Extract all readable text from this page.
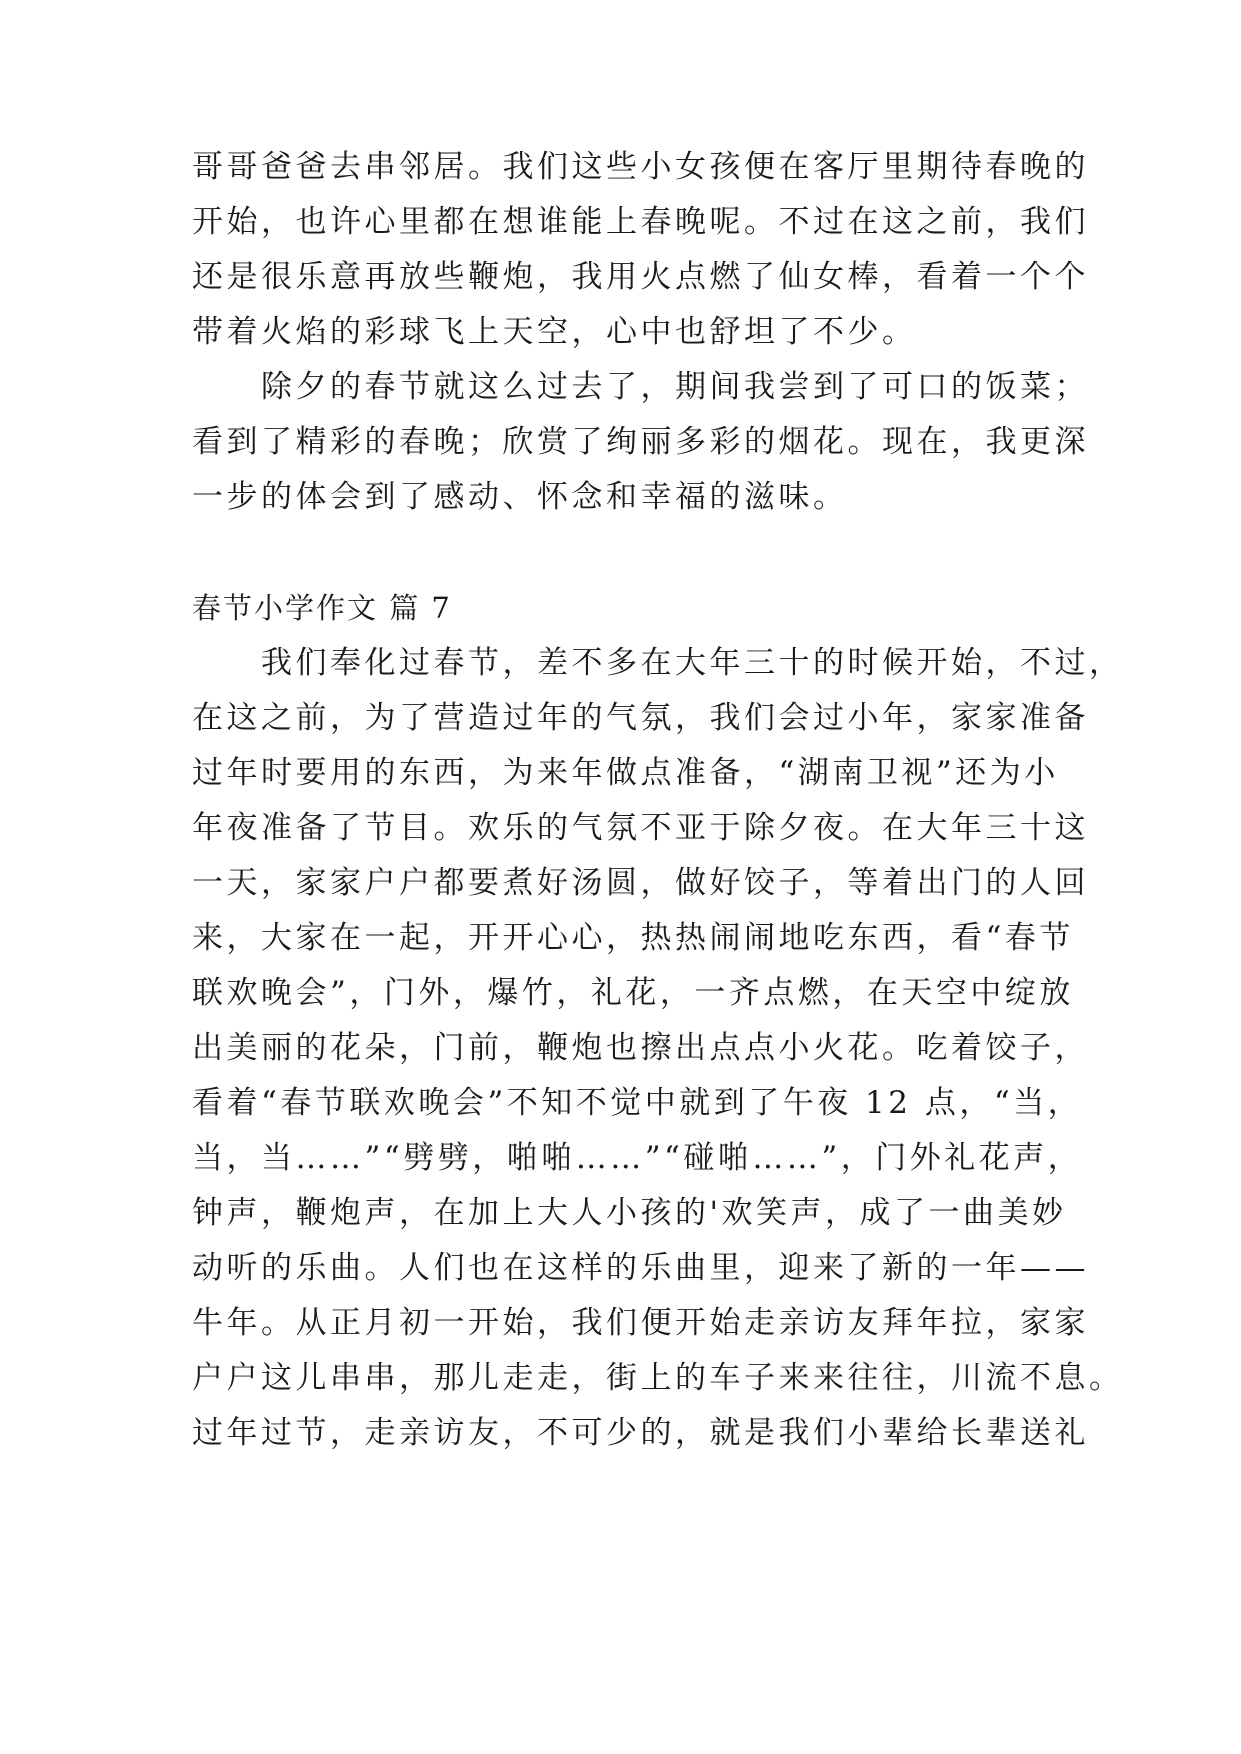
哥哥爸爸去串邻居。我们这些小女孩便在客厅里期待春晚的
开始，也许心里都在想谁能上春晚呢。不过在这之前，我们
还是很乐意再放些鞭炮，我用火点燃了仙女棒，看着一个个
带着火焰的彩球飞上天空，心中也舒坦了不少。
　　除夕的春节就这么过去了，期间我尝到了可口的饭菜；
看到了精彩的春晚；欣赏了绚丽多彩的烟花。现在，我更深
一步的体会到了感动、怀念和幸福的滋味。
春节小学作文 篇 7
　　我们奉化过春节，差不多在大年三十的时候开始，不过，
在这之前，为了营造过年的气氛，我们会过小年，家家准备
过年时要用的东西，为来年做点准备，“湖南卫视”还为小
年夜准备了节目。欢乐的气氛不亚于除夕夜。在大年三十这
一天，家家户户都要煮好汤圆，做好饺子，等着出门的人回
来，大家在一起，开开心心，热热闹闹地吃东西，看“春节
联欢晚会”，门外，爆竹，礼花，一齐点燃，在天空中绽放
出美丽的花朵，门前，鞭炮也擦出点点小火花。吃着饺子，
看着“春节联欢晚会”不知不觉中就到了午夜 12 点，“当，
当，当……”“劈劈，啪啪……”“碰啪……”，门外礼花声，
钟声，鞭炮声，在加上大人小孩的'欢笑声，成了一曲美妙
动听的乐曲。人们也在这样的乐曲里，迎来了新的一年——
牛年。从正月初一开始，我们便开始走亲访友拜年拉，家家
户户这儿串串，那儿走走，街上的车子来来往往，川流不息。
过年过节，走亲访友，不可少的，就是我们小辈给长辈送礼
